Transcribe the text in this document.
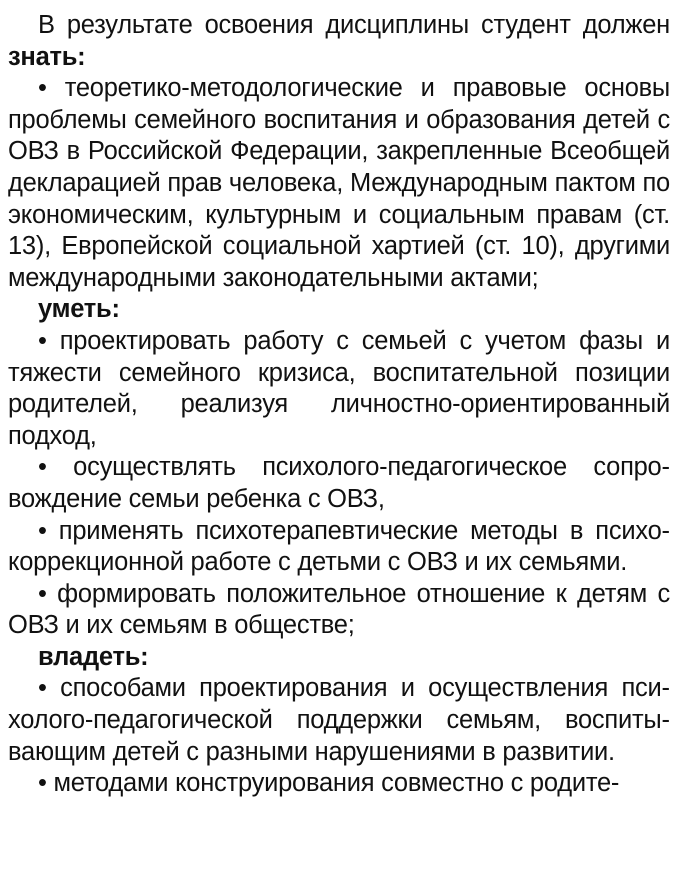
В результате освоения дисциплины студент должен

знать:

• теоретико-методологические и правовые основы проблемы семейного воспитания и образования детей с ОВЗ в Российской Федерации, закрепленные Всеобщей декларацией прав человека, Международным пактом по экономическим, культурным и социальным правам (ст. 13), Европейской социальной хартией (ст. 10), другими международными законодательными актами;

уметь:

• проектировать работу с семьей с учетом фазы и тяжести семейного кризиса, воспитательной позиции родителей, реализуя личностно-ориентированный подход,

• осуществлять психолого-педагогическое сопровождение семьи ребенка с ОВЗ,

• применять психотерапевтические методы в психокоррекционной работе с детьми с ОВЗ и их семьями.

• формировать положительное отношение к детям с ОВЗ и их семьям в обществе;

владеть:

• способами проектирования и осуществления психолого-педагогической поддержки семьям, воспитывающим детей с разными нарушениями в развитии.

• методами конструирования совместно с родите-
